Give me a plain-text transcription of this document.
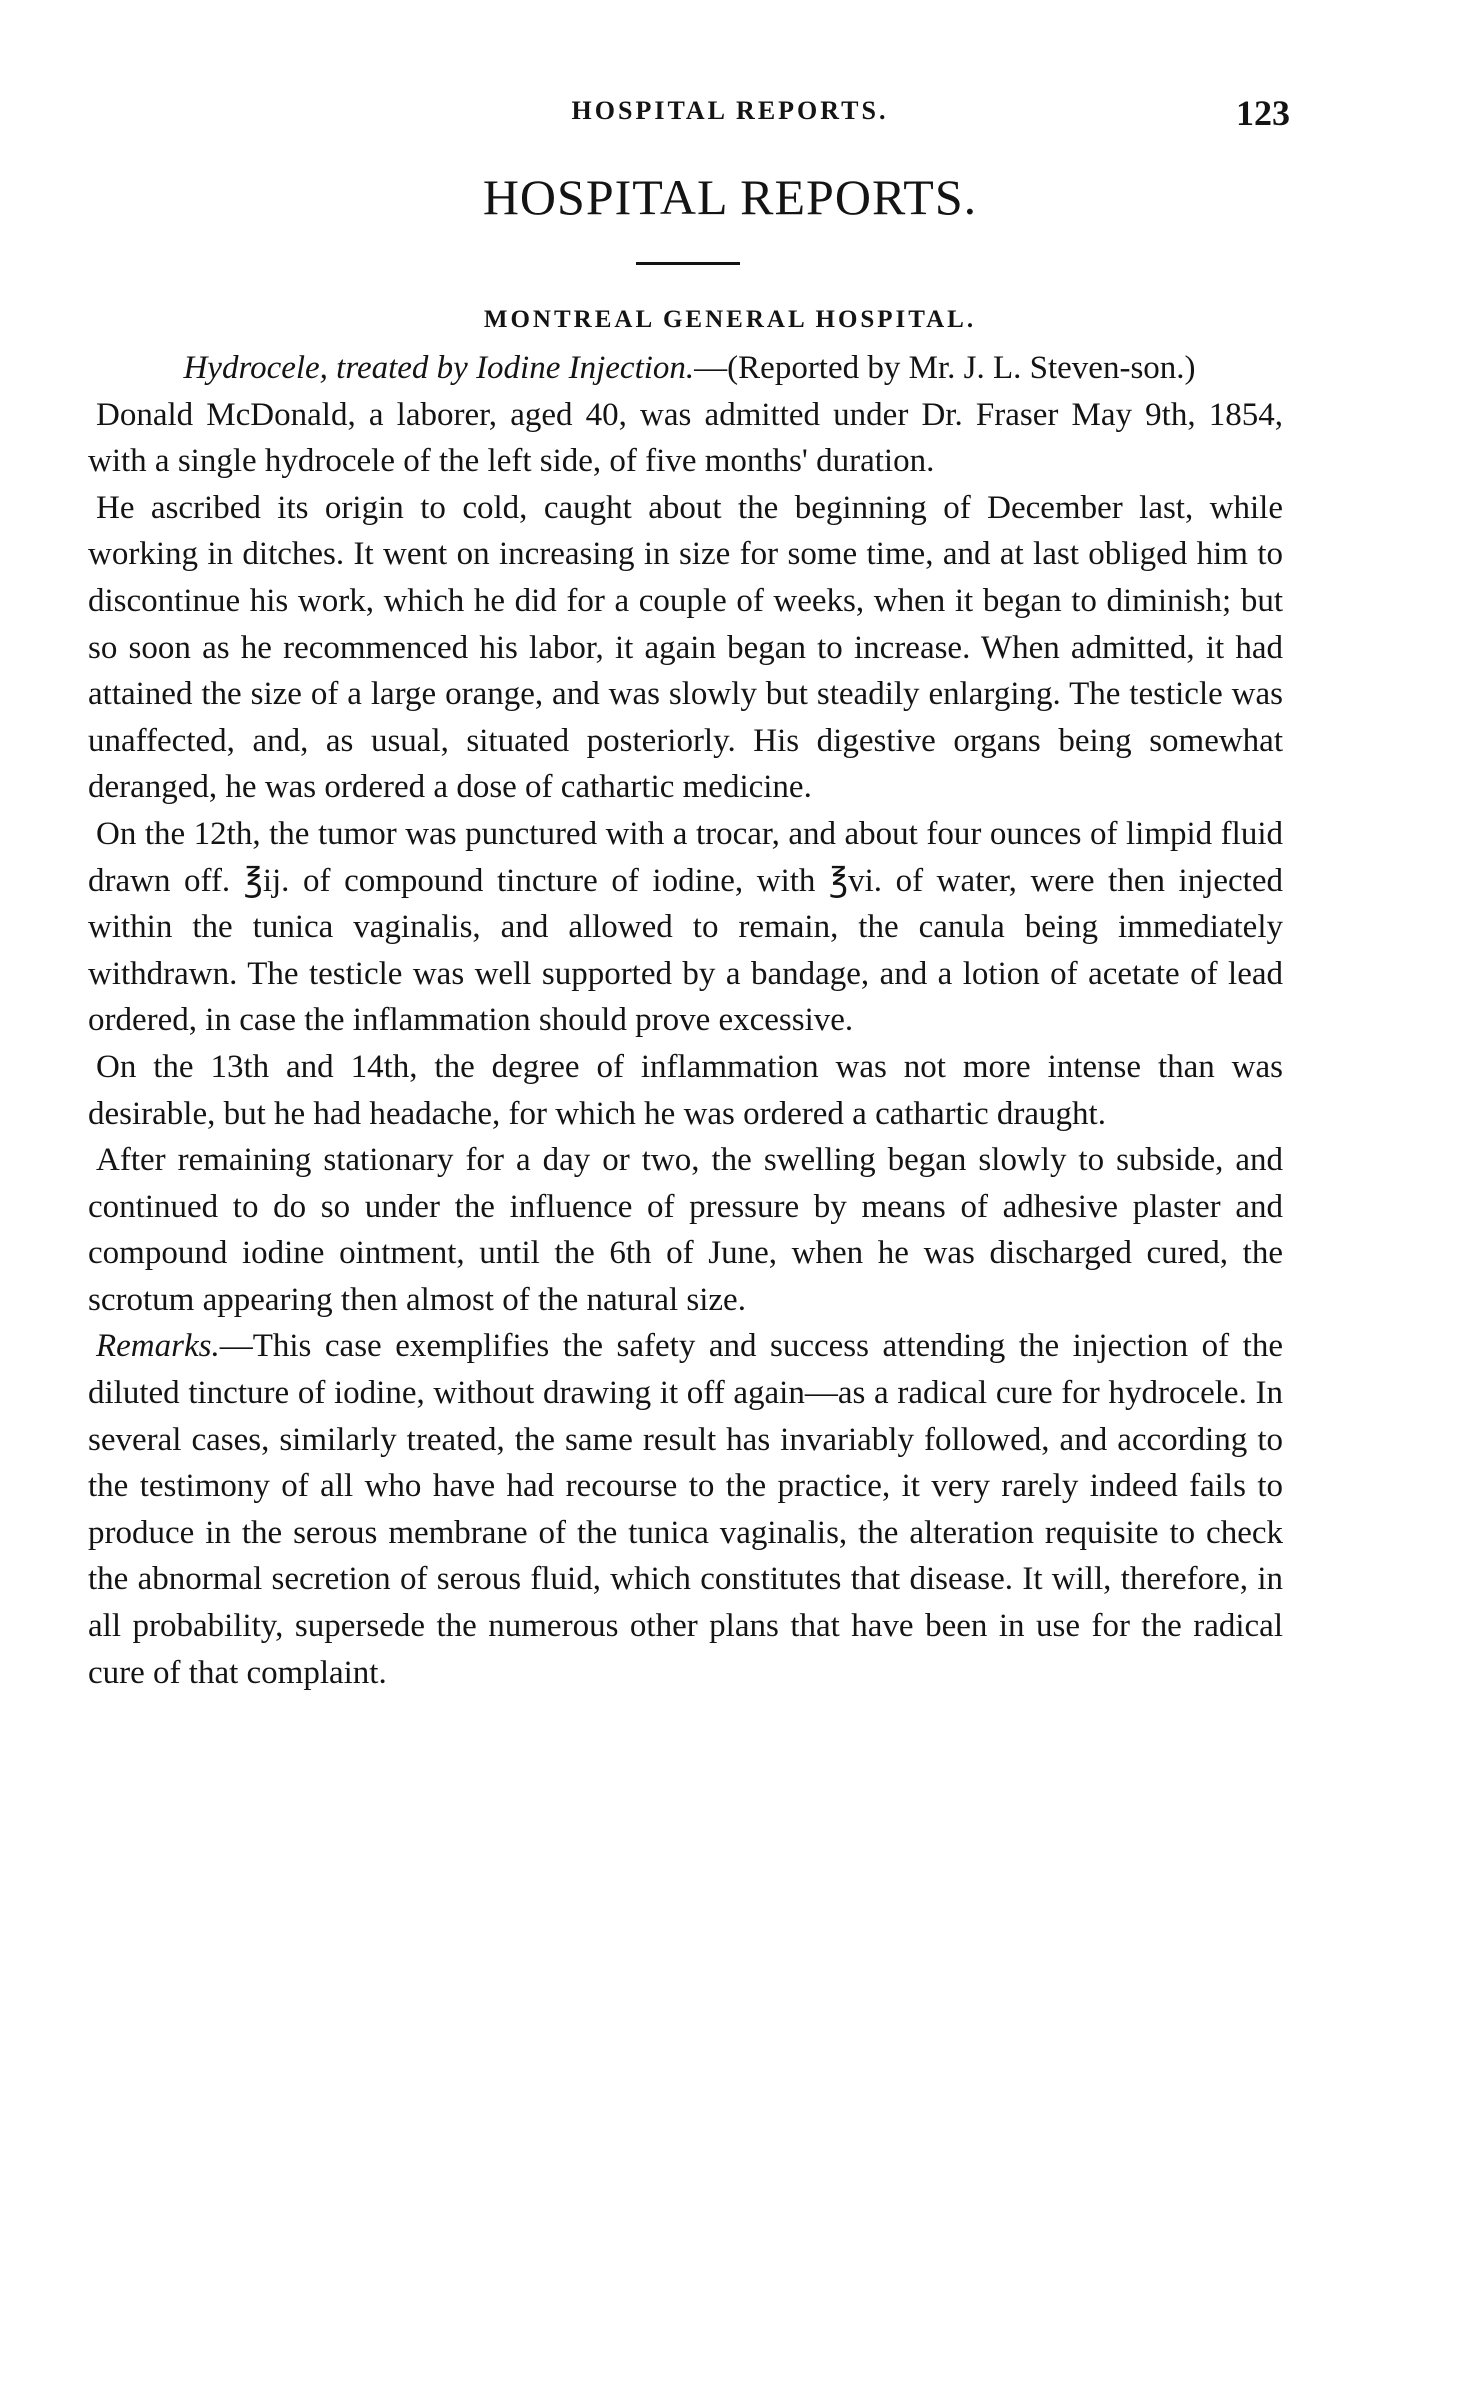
HOSPITAL REPORTS.	123
HOSPITAL REPORTS.
MONTREAL GENERAL HOSPITAL.

Hydrocele, treated by Iodine Injection.—(Reported by Mr. J. L. Steven-son.)

Donald McDonald, a laborer, aged 40, was admitted under Dr. Fraser May 9th, 1854, with a single hydrocele of the left side, of five months' duration.

He ascribed its origin to cold, caught about the beginning of December last, while working in ditches. It went on increasing in size for some time, and at last obliged him to discontinue his work, which he did for a couple of weeks, when it began to diminish; but so soon as he recommenced his labor, it again began to increase. When admitted, it had attained the size of a large orange, and was slowly but steadily enlarging. The testicle was unaffected, and, as usual, situated posteriorly. His digestive organs being somewhat deranged, he was ordered a dose of cathartic medicine.

On the 12th, the tumor was punctured with a trocar, and about four ounces of limpid fluid drawn off. ℥ij. of compound tincture of iodine, with ℥vi. of water, were then injected within the tunica vaginalis, and allowed to remain, the canula being immediately withdrawn. The testicle was well supported by a bandage, and a lotion of acetate of lead ordered, in case the inflammation should prove excessive.

On the 13th and 14th, the degree of inflammation was not more intense than was desirable, but he had headache, for which he was ordered a cathartic draught.

After remaining stationary for a day or two, the swelling began slowly to subside, and continued to do so under the influence of pressure by means of adhesive plaster and compound iodine ointment, until the 6th of June, when he was discharged cured, the scrotum appearing then almost of the natural size.

Remarks.—This case exemplifies the safety and success attending the injection of the diluted tincture of iodine, without drawing it off again—as a radical cure for hydrocele. In several cases, similarly treated, the same result has invariably followed, and according to the testimony of all who have had recourse to the practice, it very rarely indeed fails to produce in the serous membrane of the tunica vaginalis, the alteration requisite to check the abnormal secretion of serous fluid, which constitutes that disease. It will, therefore, in all probability, supersede the numerous other plans that have been in use for the radical cure of that complaint.
